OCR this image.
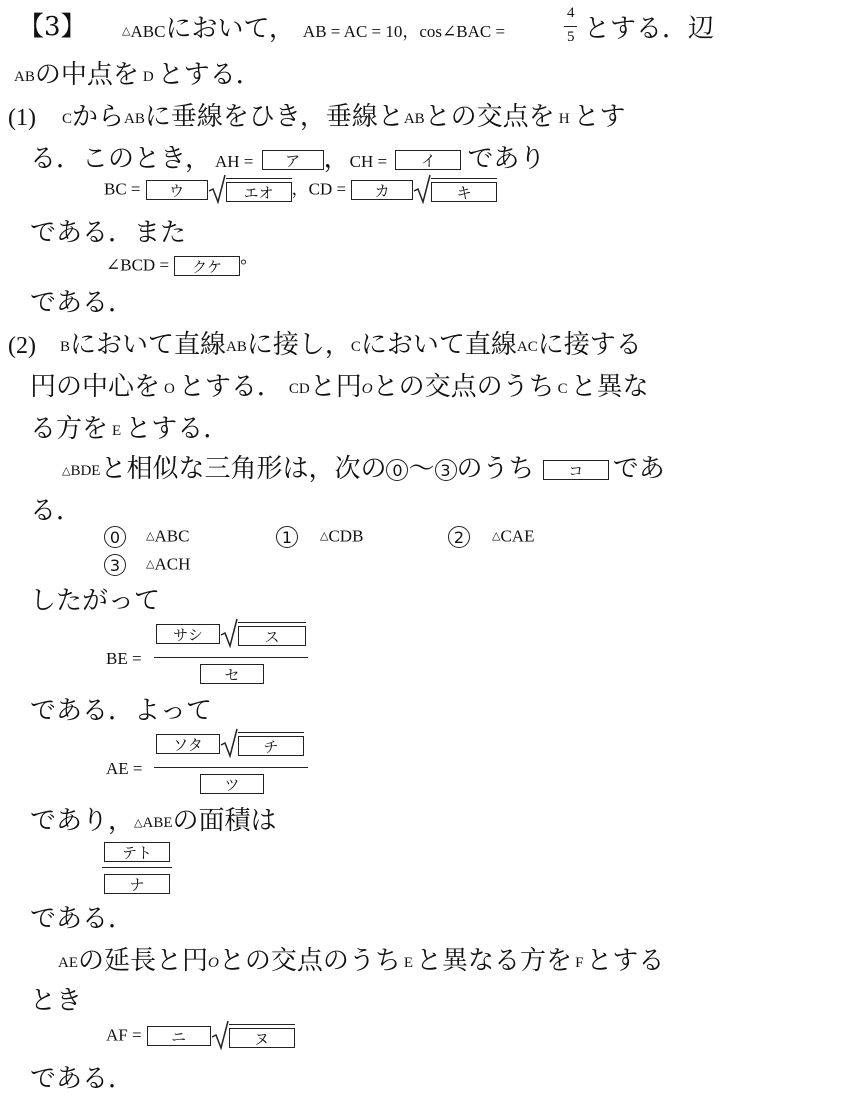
【3】	△ABCにおいて， AB = AC = 10，cos∠BAC =
4
5 とする．辺
ABの中点を D とする．
(1) CからABに垂線をひき，垂線とABとの交点を H とす
る．このとき， AH = ア ，CH = イ であり
BC = ウ	エオ ，CD = カ	キ
である．また
∠BCD = クケ °
である．
(2) Bにおいて直線ABに接し，Cにおいて直線ACに接する
円の中心を O とする． CDと円Oとの交点のうち C と異な
る方を E とする．
△BDEと相似な三角形は，次の 0 ～ 3 のうち コ であ
る．
0 △ABC	1	△CDB	2	△CAE
3 △ACH
したがって
BE =
サシ	ス
セ
である．よって
AE =
ソタ	チ
ツ
であり，△ABEの面積は
テト
ナ
である．
AEの延長と円Oとの交点のうち E と異なる方を F とする
とき
AF = ニ	ヌ
である．
